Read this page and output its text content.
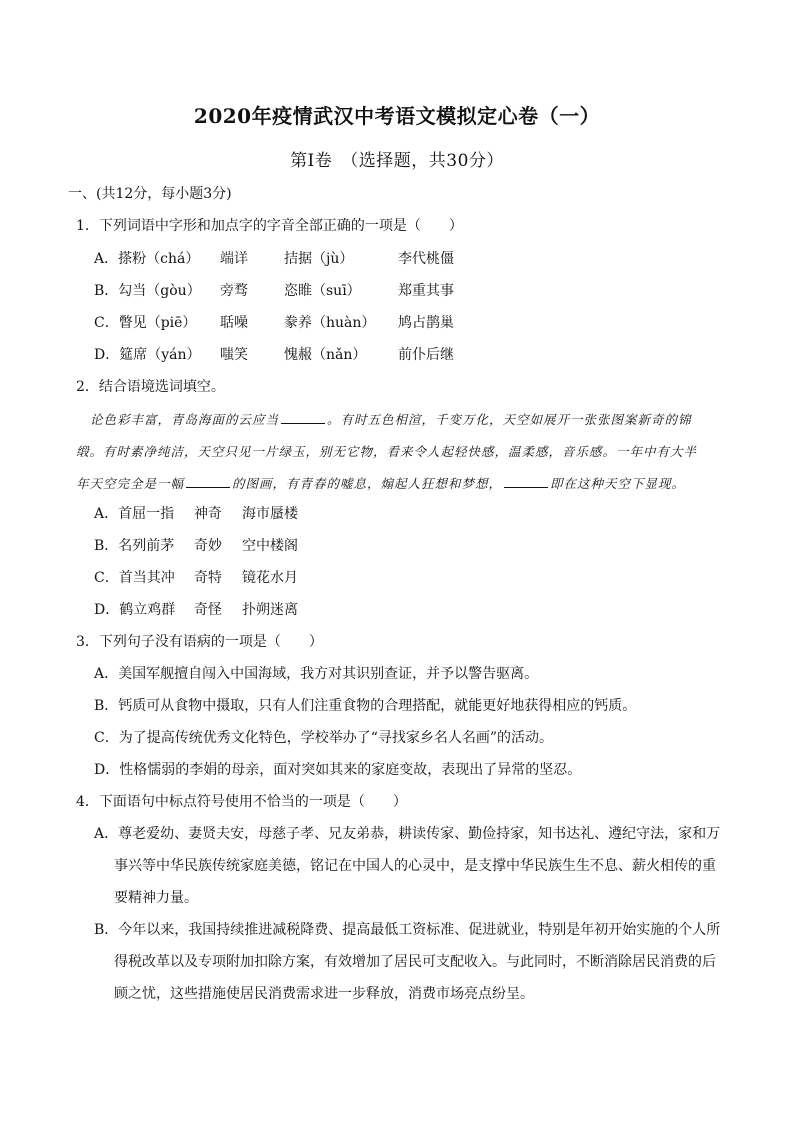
2020年疫情武汉中考语文模拟定心卷（一）
第Ⅰ卷　（选择题，共30分）
一、(共12分，每小题3分)
1．下列词语中字形和加点字的字音全部正确的一项是（　　）
A．搽粉（chá） 端详	拮据（jù）	李代桃僵
B．勾当（gòu） 旁骛	恣睢（suī）	郑重其事
C．瞥见（piē） 聒噪	豢养（huàn） 鸠占鹊巢
D．筵席（yán） 嗤笑	愧赧（nǎn） 前仆后继
2．结合语境选词填空。
论色彩丰富，青岛海面的云应当	。有时五色相渲，千变万化，天空如展开一张张图案新奇的锦
缎。有时素净纯洁，天空只见一片绿玉，别无它物，看来令人起轻快感，温柔感，音乐感。一年中有大半
年天空完全是一幅	的图画，有青春的嘘息，煽起人狂想和梦想，	即在这种天空下显现。
A．首屈一指 神奇 海市蜃楼
B．名列前茅 奇妙 空中楼阁
C．首当其冲 奇特 镜花水月
D．鹤立鸡群 奇怪 扑朔迷离
3．下列句子没有语病的一项是（　　）
A．美国军舰擅自闯入中国海域，我方对其识别查证，并予以警告驱离。
B．钙质可从食物中摄取，只有人们注重食物的合理搭配，就能更好地获得相应的钙质。
C．为了提高传统优秀文化特色，学校举办了“寻找家乡名人名画”的活动。
D．性格懦弱的李娟的母亲，面对突如其来的家庭变故，表现出了异常的坚忍。
4．下面语句中标点符号使用不恰当的一项是（　　）
A．尊老爱幼、妻贤夫安，母慈子孝、兄友弟恭，耕读传家、勤俭持家，知书达礼、遵纪守法，家和万
事兴等中华民族传统家庭美德，铭记在中国人的心灵中，是支撑中华民族生生不息、薪火相传的重
要精神力量。
B．今年以来，我国持续推进减税降费、提高最低工资标准、促进就业，特别是年初开始实施的个人所
得税改革以及专项附加扣除方案，有效增加了居民可支配收入。与此同时，不断消除居民消费的后
顾之忧，这些措施使居民消费需求进一步释放，消费市场亮点纷呈。
